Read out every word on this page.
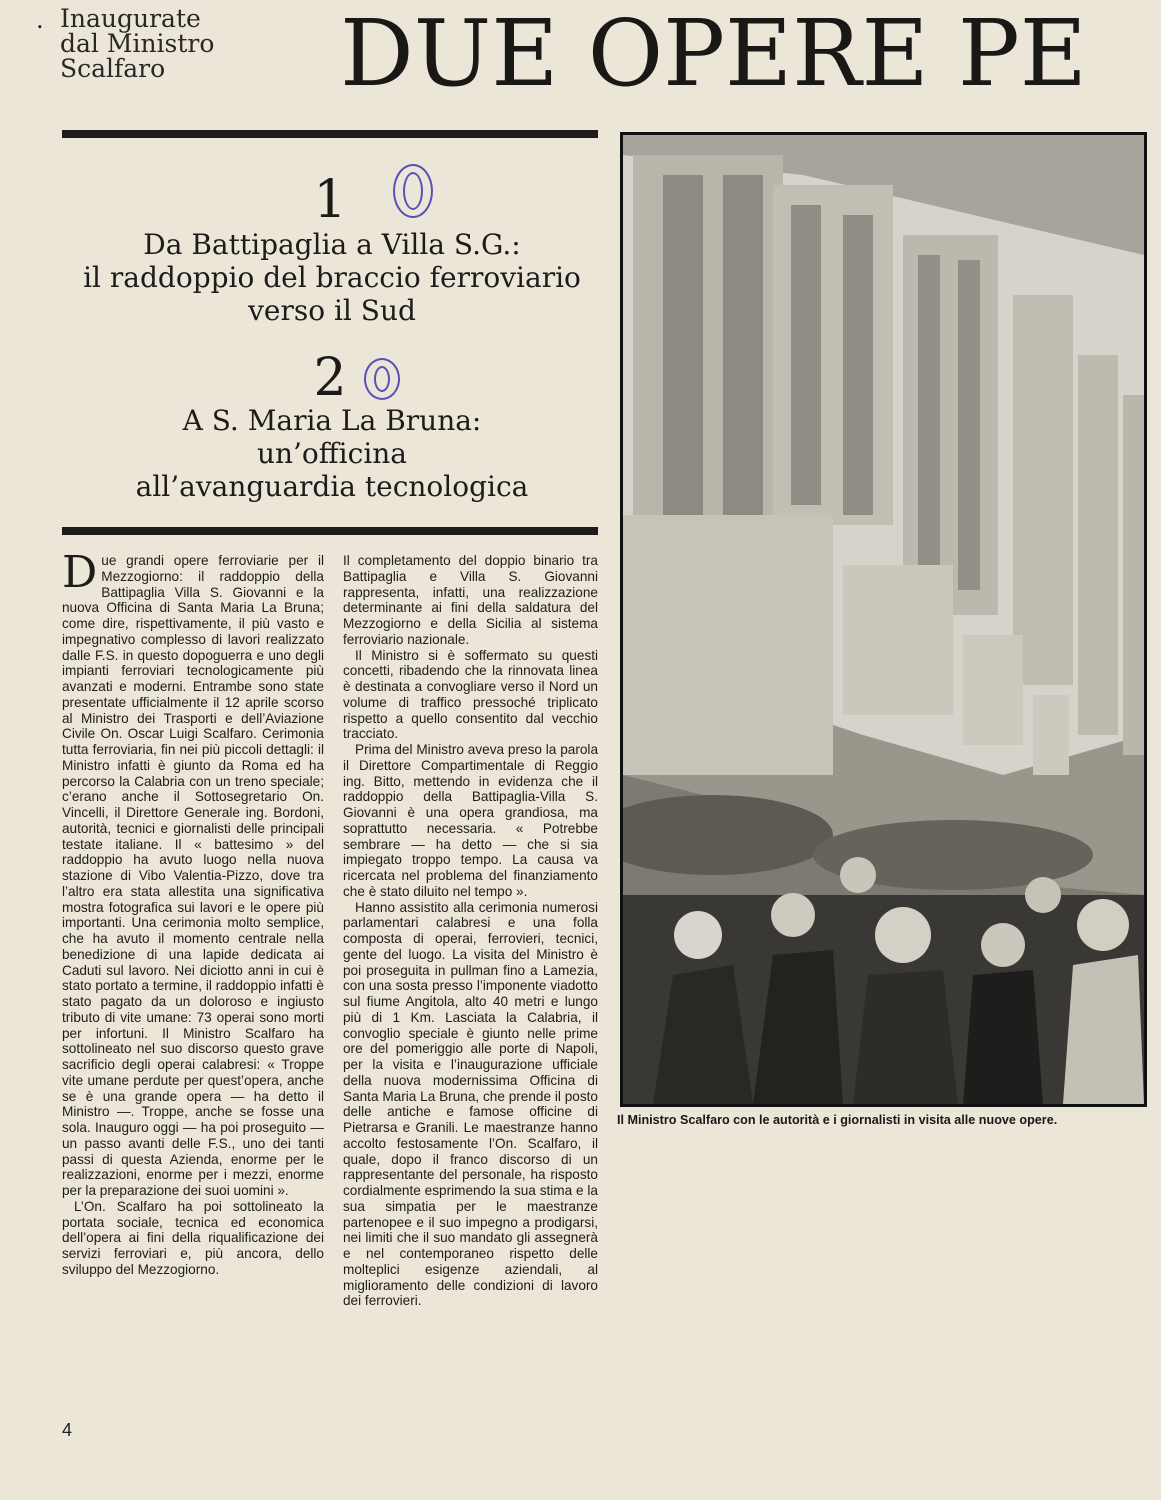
. Inaugurate
dal Ministro
Scalfaro	DUE OPERE PE
1
Da Battipaglia a Villa S.G.:
il raddoppio del braccio ferroviario
verso il Sud
2
A S. Maria La Bruna:
un’officina
all’avanguardia tecnologica

Due grandi opere ferroviarie per il Mezzogiorno: il raddoppio della Battipaglia Villa S. Giovanni e la nuova Officina di Santa Maria La Bruna; come dire, rispettivamente, il più vasto e impegnativo complesso di lavori realizzato dalle F.S. in questo dopoguerra e uno degli impianti ferroviari tecnologicamente più avanzati e moderni. Entrambe sono state presentate ufficialmente il 12 aprile scorso al Ministro dei Trasporti e dell’Aviazione Civile On. Oscar Luigi Scalfaro. Cerimonia tutta ferroviaria, fin nei più piccoli dettagli: il Ministro infatti è giunto da Roma ed ha percorso la Calabria con un treno speciale; c’erano anche il Sottosegretario On. Vincelli, il Direttore Generale ing. Bordoni, autorità, tecnici e giornalisti delle principali testate italiane. Il « battesimo » del raddoppio ha avuto luogo nella nuova stazione di Vibo Valentia-Pizzo, dove tra l’altro era stata allestita una significativa mostra fotografica sui lavori e le opere più importanti. Una cerimonia molto semplice, che ha avuto il momento centrale nella benedizione di una lapide dedicata ai Caduti sul lavoro. Nei diciotto anni in cui è stato portato a termine, il raddoppio infatti è stato pagato da un doloroso e ingiusto tributo di vite umane: 73 operai sono morti per infortuni. Il Ministro Scalfaro ha sottolineato nel suo discorso questo grave sacrificio degli operai calabresi: « Troppe vite umane perdute per quest’opera, anche se è una grande opera — ha detto il Ministro —. Troppe, anche se fosse una sola. Inauguro oggi — ha poi proseguito — un passo avanti delle F.S., uno dei tanti passi di questa Azienda, enorme per le realizzazioni, enorme per i mezzi, enorme per la preparazione dei suoi uomini ».

L’On. Scalfaro ha poi sottolineato la portata sociale, tecnica ed economica dell’opera ai fini della riqualificazione dei servizi ferroviari e, più ancora, dello sviluppo del Mezzogiorno.

Il completamento del doppio binario tra Battipaglia e Villa S. Giovanni rappresenta, infatti, una realizzazione determinante ai fini della saldatura del Mezzogiorno e della Sicilia al sistema ferroviario nazionale.

Il Ministro si è soffermato su questi concetti, ribadendo che la rinnovata linea è destinata a convogliare verso il Nord un volume di traffico pressoché triplicato rispetto a quello consentito dal vecchio tracciato.

Prima del Ministro aveva preso la parola il Direttore Compartimentale di Reggio ing. Bitto, mettendo in evidenza che il raddoppio della Battipaglia-Villa S. Giovanni è una opera grandiosa, ma soprattutto necessaria. « Potrebbe sembrare — ha detto — che si sia impiegato troppo tempo. La causa va ricercata nel problema del finanziamento che è stato diluito nel tempo ».

Hanno assistito alla cerimonia numerosi parlamentari calabresi e una folla composta di operai, ferrovieri, tecnici, gente del luogo. La visita del Ministro è poi proseguita in pullman fino a Lamezia, con una sosta presso l’imponente viadotto sul fiume Angitola, alto 40 metri e lungo più di 1 Km. Lasciata la Calabria, il convoglio speciale è giunto nelle prime ore del pomeriggio alle porte di Napoli, per la visita e l’inaugurazione ufficiale della nuova modernissima Officina di Santa Maria La Bruna, che prende il posto delle antiche e famose officine di Pietrarsa e Granili. Le maestranze hanno accolto festosamente l’On. Scalfaro, il quale, dopo il franco discorso di un rappresentante del personale, ha risposto cordialmente esprimendo la sua stima e la sua simpatia per le maestranze partenopee e il suo impegno a prodigarsi, nei limiti che il suo mandato gli assegnerà e nel contemporaneo rispetto delle molteplici esigenze aziendali, al miglioramento delle condizioni di lavoro dei ferrovieri.

Il Ministro Scalfaro con le autorità e i giornalisti in visita alle nuove opere.
4
